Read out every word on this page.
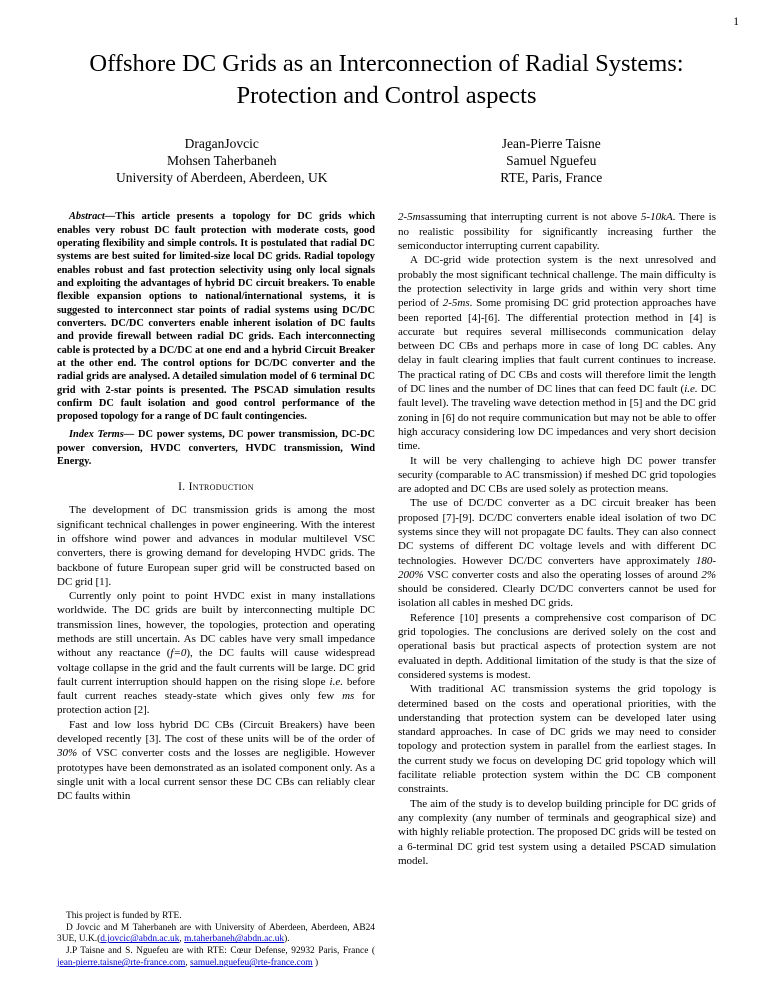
1
Offshore DC Grids as an Interconnection of Radial Systems: Protection and Control aspects
DraganJovcic
Mohsen Taherbaneh
University of Aberdeen, Aberdeen, UK
Jean-Pierre Taisne
Samuel Nguefeu
RTE, Paris, France

Abstract—This article presents a topology for DC grids which enables very robust DC fault protection with moderate costs, good operating flexibility and simple controls. It is postulated that radial DC systems are best suited for limited-size local DC grids. Radial topology enables robust and fast protection selectivity using only local signals and exploiting the advantages of hybrid DC circuit breakers. To enable flexible expansion options to national/international systems, it is suggested to interconnect star points of radial systems using DC/DC converters. DC/DC converters enable inherent isolation of DC faults and provide firewall between radial DC grids. Each interconnecting cable is protected by a DC/DC at one end and a hybrid Circuit Breaker at the other end. The control options for DC/DC converter and the radial grids are analysed. A detailed simulation model of 6 terminal DC grid with 2-star points is presented. The PSCAD simulation results confirm DC fault isolation and good control performance of the proposed topology for a range of DC fault contingencies.

Index Terms— DC power systems, DC power transmission, DC-DC power conversion, HVDC converters, HVDC transmission, Wind Energy.

I. Introduction

The development of DC transmission grids is among the most significant technical challenges in power engineering. With the interest in offshore wind power and advances in modular multilevel VSC converters, there is growing demand for developing HVDC grids. The backbone of future European super grid will be constructed based on DC grid [1].

Currently only point to point HVDC exist in many installations worldwide. The DC grids are built by interconnecting multiple DC transmission lines, however, the topologies, protection and operating methods are still uncertain. As DC cables have very small impedance without any reactance (f=0), the DC faults will cause widespread voltage collapse in the grid and the fault currents will be large. DC grid fault current interruption should happen on the rising slope i.e. before fault current reaches steady-state which gives only few ms for protection action [2].

Fast and low loss hybrid DC CBs (Circuit Breakers) have been developed recently [3]. The cost of these units will be of the order of 30% of VSC converter costs and the losses are negligible. However prototypes have been demonstrated as an isolated component only. As a single unit with a local current sensor these DC CBs can reliably clear DC faults within

This project is funded by RTE.

D Jovcic and M Taherbaneh are with University of Aberdeen, Aberdeen, AB24 3UE, U.K.(d.jovcic@abdn.ac.uk, m.taherbaneh@abdn.ac.uk).

J.P Taisne and S. Nguefeu are with RTE: Cœur Defense, 92932 Paris, France ( jean-pierre.taisne@rte-france.com, samuel.nguefeu@rte-france.com )

2-5msassuming that interrupting current is not above 5-10kA. There is no realistic possibility for significantly increasing further the semiconductor interrupting current capability.

A DC-grid wide protection system is the next unresolved and probably the most significant technical challenge. The main difficulty is the protection selectivity in large grids and within very short time period of 2-5ms. Some promising DC grid protection approaches have been reported [4]-[6]. The differential protection method in [4] is accurate but requires several milliseconds communication delay between DC CBs and perhaps more in case of long DC cables. Any delay in fault clearing implies that fault current continues to increase. The practical rating of DC CBs and costs will therefore limit the length of DC lines and the number of DC lines that can feed DC fault (i.e. DC fault level). The traveling wave detection method in [5] and the DC grid zoning in [6] do not require communication but may not be able to offer high accuracy considering low DC impedances and very short decision time.

It will be very challenging to achieve high DC power transfer security (comparable to AC transmission) if meshed DC grid topologies are adopted and DC CBs are used solely as protection means.

The use of DC/DC converter as a DC circuit breaker has been proposed [7]-[9]. DC/DC converters enable ideal isolation of two DC systems since they will not propagate DC faults. They can also connect DC systems of different DC voltage levels and with different DC technologies. However DC/DC converters have approximately 180-200% VSC converter costs and also the operating losses of around 2% should be considered. Clearly DC/DC converters cannot be used for isolation all cables in meshed DC grids.

Reference [10] presents a comprehensive cost comparison of DC grid topologies. The conclusions are derived solely on the cost and operational basis but practical aspects of protection system are not evaluated in depth. Additional limitation of the study is that the size of considered systems is modest.

With traditional AC transmission systems the grid topology is determined based on the costs and operational priorities, with the understanding that protection system can be developed later using standard approaches. In case of DC grids we may need to consider topology and protection system in parallel from the earliest stages. In the current study we focus on developing DC grid topology which will facilitate reliable protection system within the DC CB component constraints.

The aim of the study is to develop building principle for DC grids of any complexity (any number of terminals and geographical size) and with highly reliable protection. The proposed DC grids will be tested on a 6-terminal DC grid test system using a detailed PSCAD simulation model.
